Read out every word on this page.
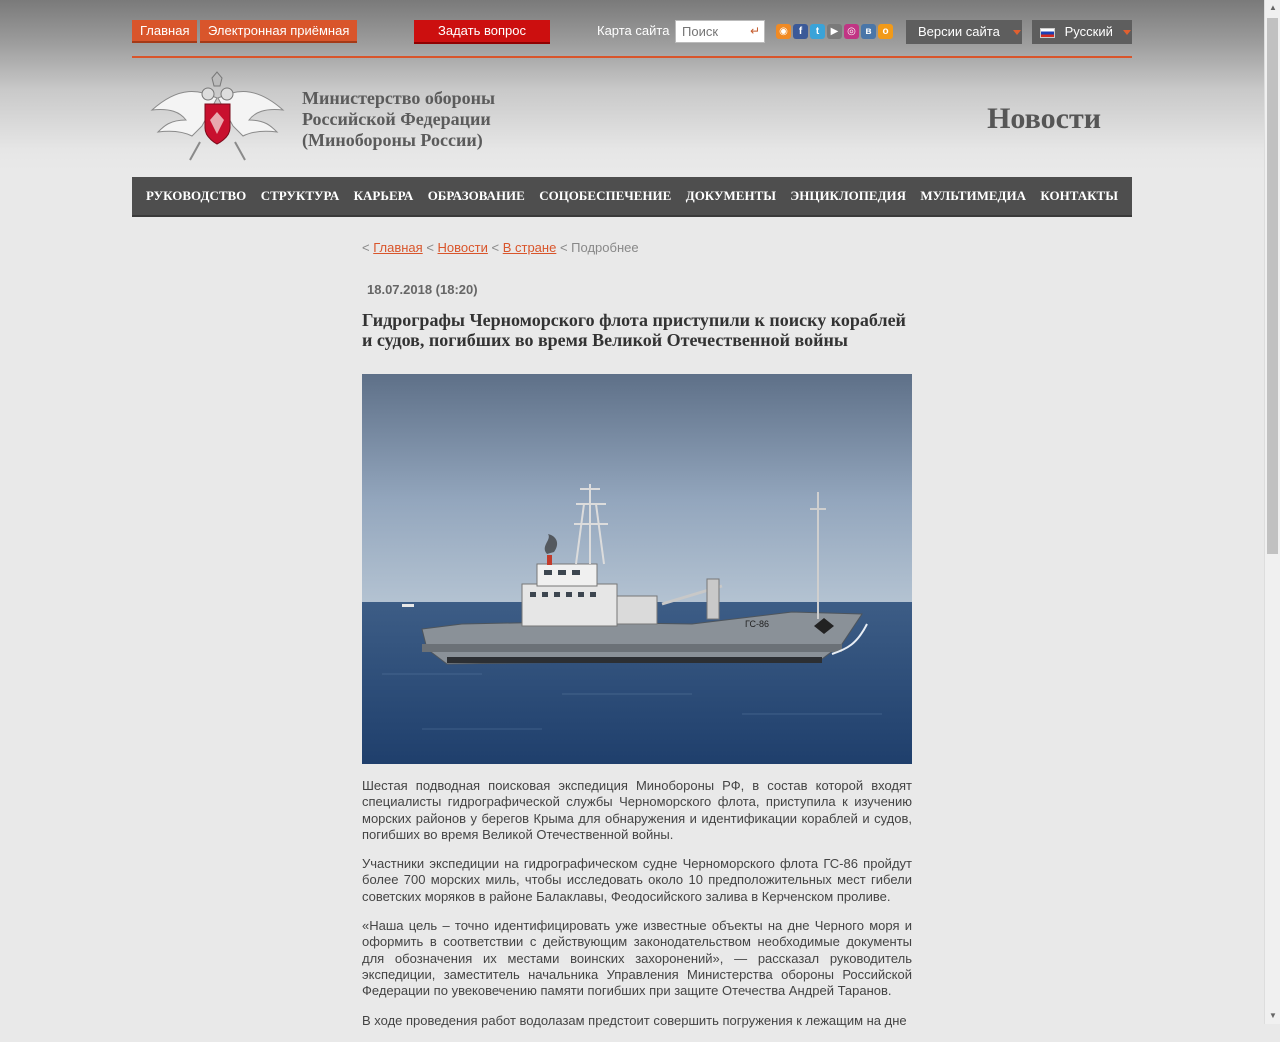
Главная	Электронная приёмная	Задать вопрос	Карта сайта
Поиск	↵	◉	f	t	▶ ◎ в	о	Версии сайта	Русский
Министерство обороны
Российской Федерации
(Минобороны России)
Новости
РУКОВОДСТВО СТРУКТУРА КАРЬЕРА ОБРАЗОВАНИЕ СОЦОБЕСПЕЧЕНИЕ ДОКУМЕНТЫ ЭНЦИКЛОПЕДИЯ МУЛЬТИМЕДИА КОНТАКТЫ
< Главная < Новости < В стране < Подробнее
18.07.2018 (18:20)
Гидрографы Черноморского флота приступили к поиску кораблей и судов, погибших во время Великой Отечественной войны
ГС-86

Шестая подводная поисковая экспедиция Минобороны РФ, в состав которой входят специалисты гидрографической службы Черноморского флота, приступила к изучению морских районов у берегов Крыма для обнаружения и идентификации кораблей и судов, погибших во время Великой Отечественной войны.

Участники экспедиции на гидрографическом судне Черноморского флота ГС-86 пройдут более 700 морских миль, чтобы исследовать около 10 предположительных мест гибели советских моряков в районе Балаклавы, Феодосийского залива в Керченском проливе.

«Наша цель – точно идентифицировать уже известные объекты на дне Черного моря и оформить в соответствии с действующим законодательством необходимые документы для обозначения их местами воинских захоронений», — рассказал руководитель экспедиции, заместитель начальника Управления Министерства обороны Российской Федерации по увековечению памяти погибших при защите Отечества Андрей Таранов.

В ходе проведения работ водолазам предстоит совершить погружения к лежащим на дне

▲
▼
